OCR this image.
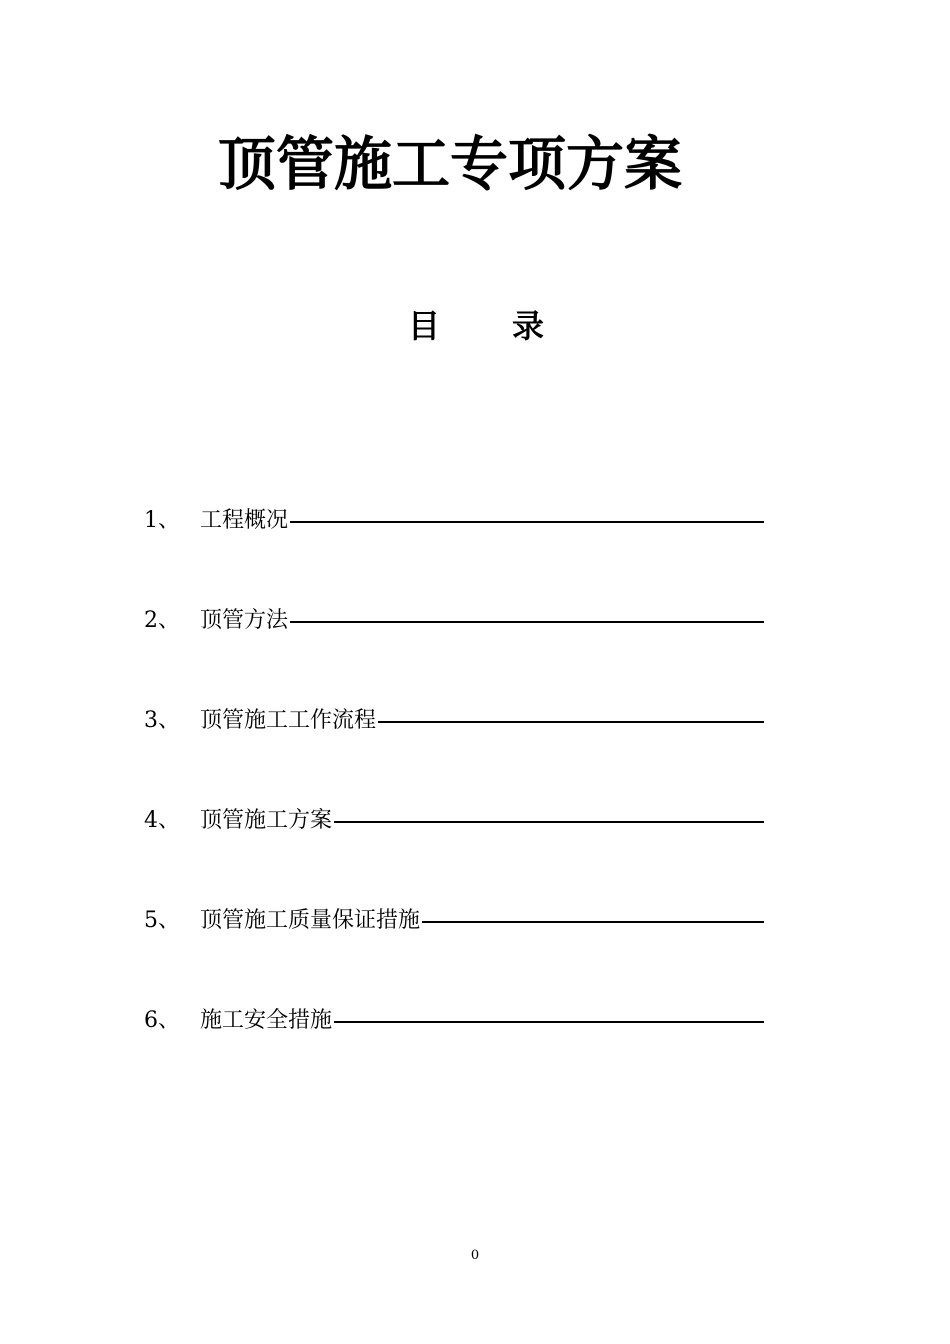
顶管施工专项方案
目 录
1、 工程概况
2、 顶管方法
3、 顶管施工工作流程
4、 顶管施工方案
5、 顶管施工质量保证措施
6、 施工安全措施
0
